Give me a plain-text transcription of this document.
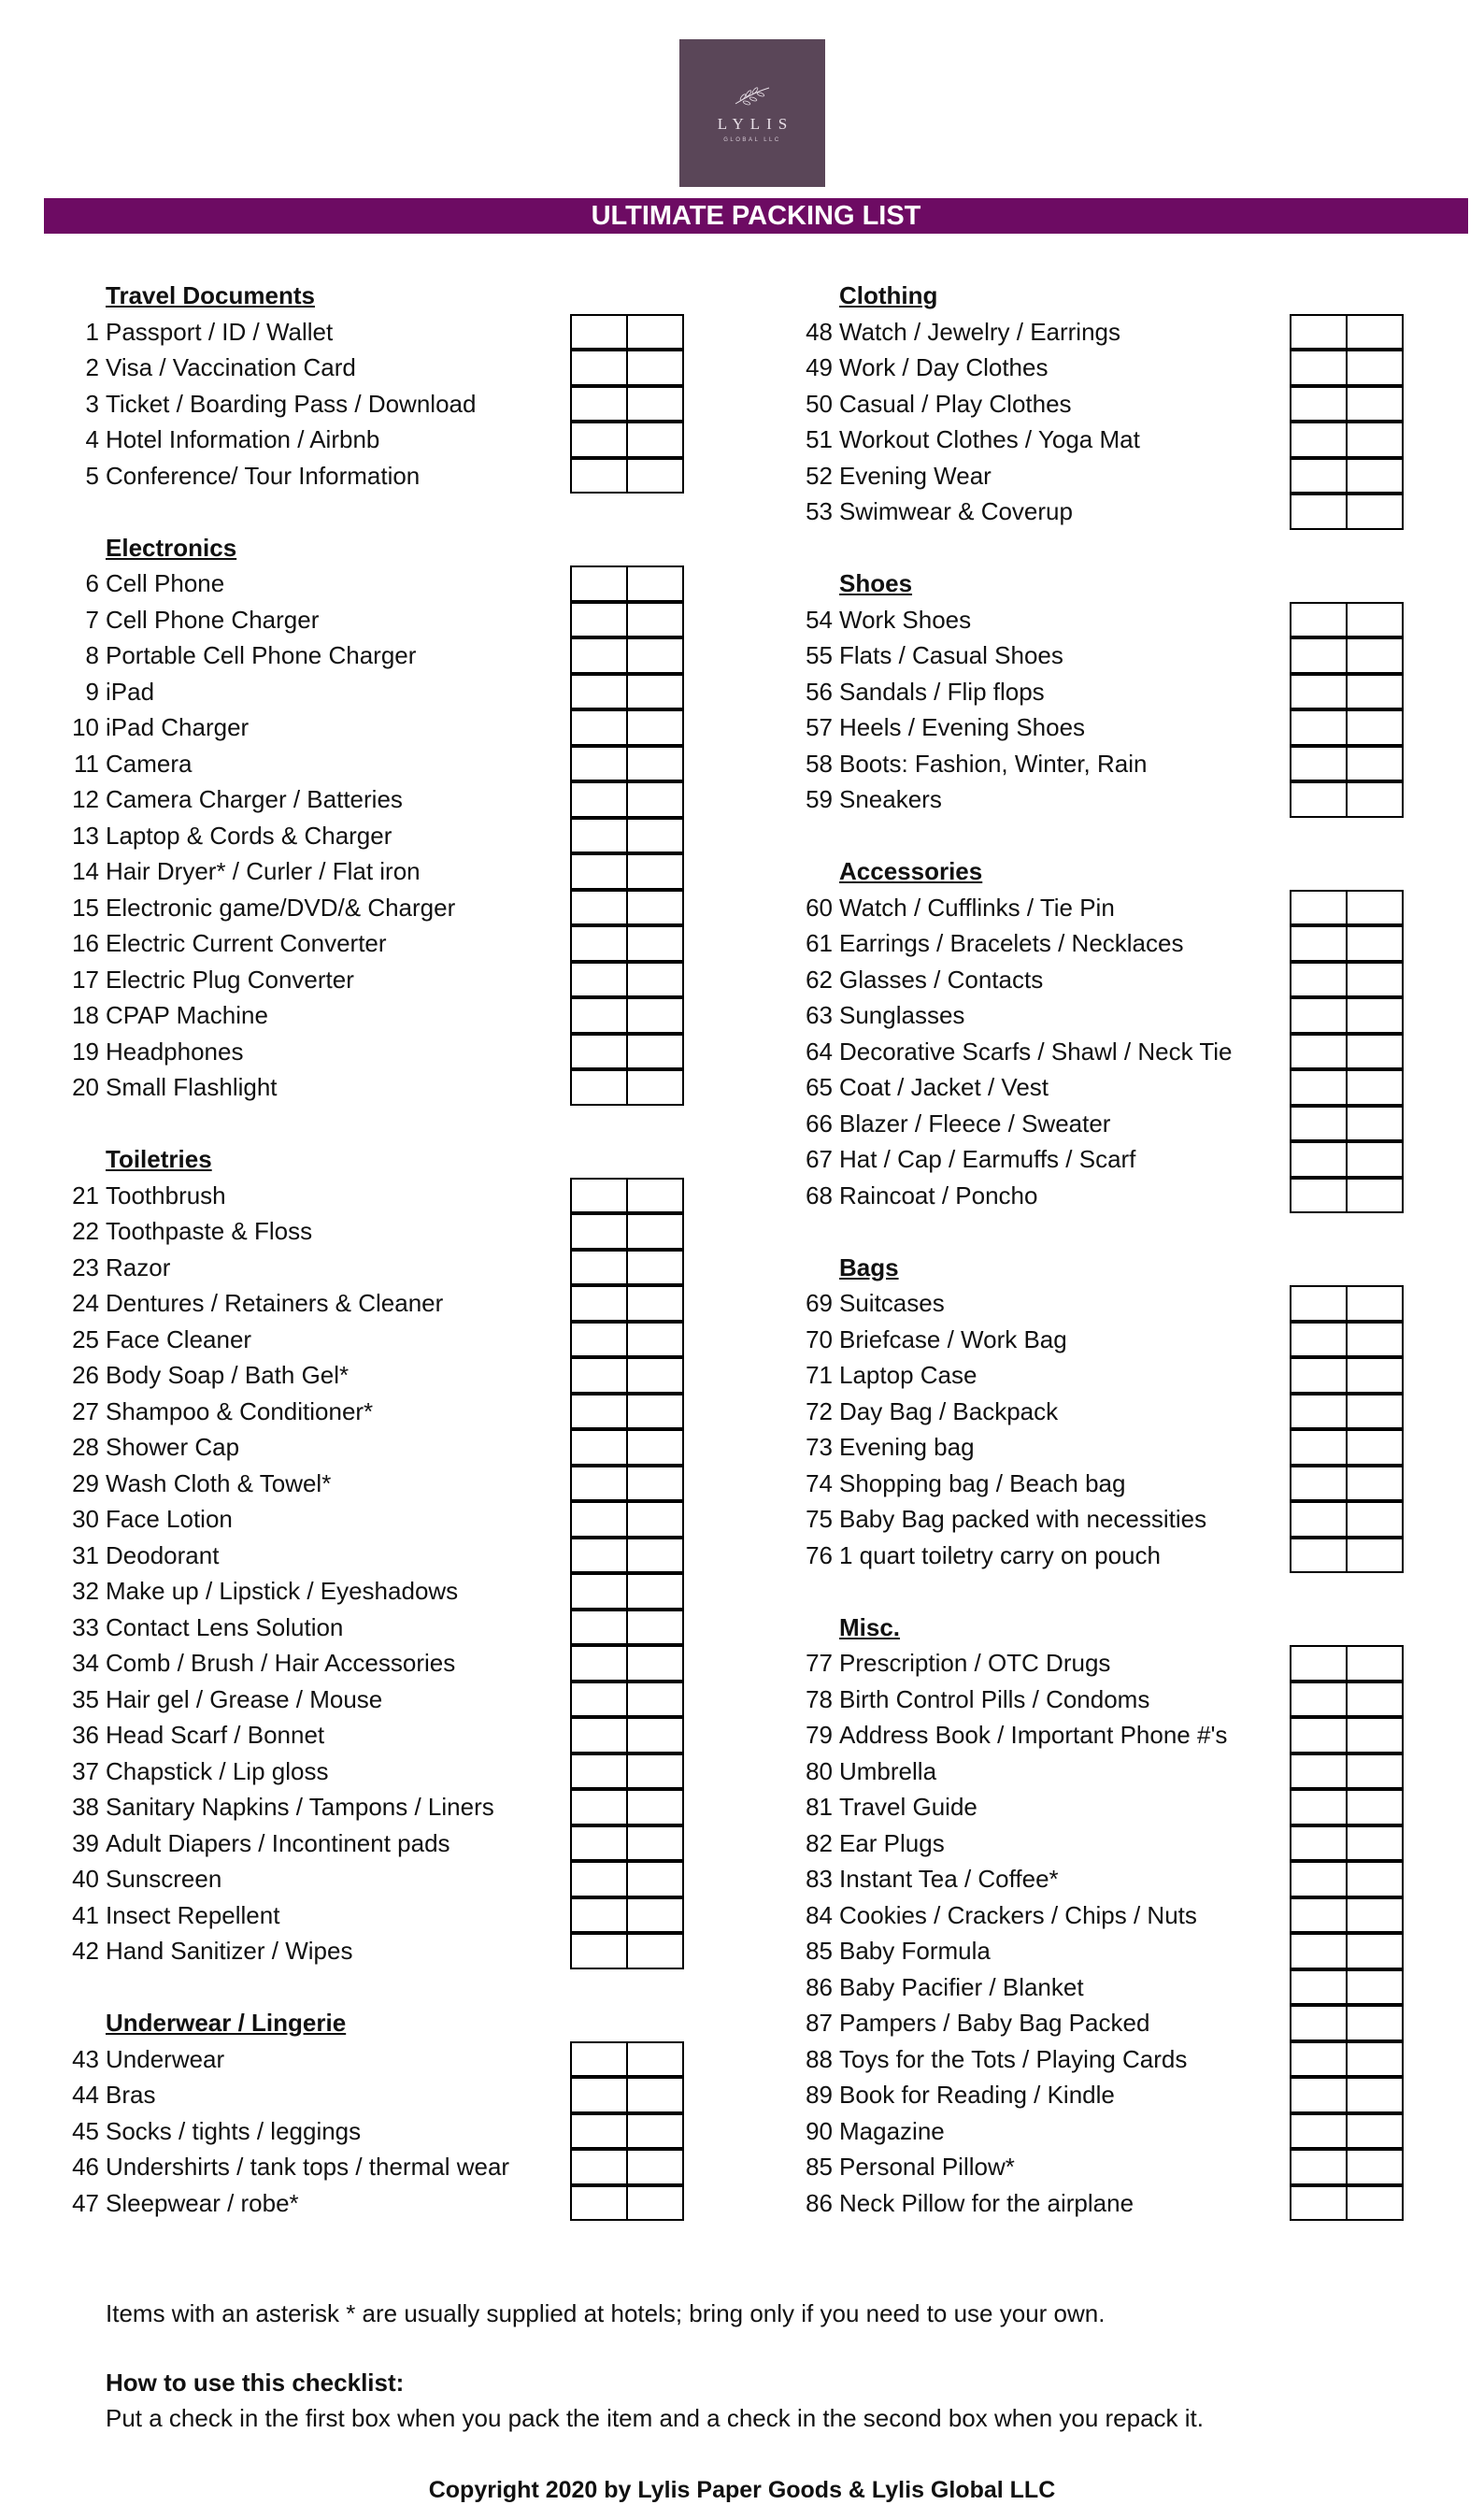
LYLIS
GLOBAL LLC
ULTIMATE PACKING LIST
Travel Documents
1 Passport / ID / Wallet
2 Visa / Vaccination Card
3 Ticket / Boarding Pass / Download
4 Hotel Information / Airbnb
5 Conference/ Tour Information
Electronics
6 Cell Phone
7 Cell Phone Charger
8 Portable Cell Phone Charger
9 iPad
10 iPad Charger
11 Camera
12 Camera Charger / Batteries
13 Laptop & Cords & Charger
14 Hair Dryer* / Curler / Flat iron
15 Electronic game/DVD/& Charger
16 Electric Current Converter
17 Electric Plug Converter
18 CPAP Machine
19 Headphones
20 Small Flashlight
Toiletries
21 Toothbrush
22 Toothpaste & Floss
23 Razor
24 Dentures / Retainers & Cleaner
25 Face Cleaner
26 Body Soap / Bath Gel*
27 Shampoo & Conditioner*
28 Shower Cap
29 Wash Cloth & Towel*
30 Face Lotion
31 Deodorant
32 Make up / Lipstick / Eyeshadows
33 Contact Lens Solution
34 Comb / Brush / Hair Accessories
35 Hair gel / Grease / Mouse
36 Head Scarf / Bonnet
37 Chapstick / Lip gloss
38 Sanitary Napkins / Tampons / Liners
39 Adult Diapers / Incontinent pads
40 Sunscreen
41 Insect Repellent
42 Hand Sanitizer / Wipes
Underwear / Lingerie
43 Underwear
44 Bras
45 Socks / tights / leggings
46 Undershirts / tank tops / thermal wear
47 Sleepwear / robe*
Clothing
48 Watch / Jewelry / Earrings
49 Work / Day Clothes
50 Casual / Play Clothes
51 Workout Clothes / Yoga Mat
52 Evening Wear
53 Swimwear & Coverup
Shoes
54 Work Shoes
55 Flats / Casual Shoes
56 Sandals / Flip flops
57 Heels / Evening Shoes
58 Boots: Fashion, Winter, Rain
59 Sneakers
Accessories
60 Watch / Cufflinks / Tie Pin
61 Earrings / Bracelets / Necklaces
62 Glasses / Contacts
63 Sunglasses
64 Decorative Scarfs / Shawl / Neck Tie
65 Coat / Jacket / Vest
66 Blazer / Fleece / Sweater
67 Hat / Cap / Earmuffs / Scarf
68 Raincoat / Poncho
Bags
69 Suitcases
70 Briefcase / Work Bag
71 Laptop Case
72 Day Bag / Backpack
73 Evening bag
74 Shopping bag / Beach bag
75 Baby Bag packed with necessities
76 1 quart toiletry carry on pouch
Misc.
77 Prescription / OTC Drugs
78 Birth Control Pills / Condoms
79 Address Book / Important Phone #'s
80 Umbrella
81 Travel Guide
82 Ear Plugs
83 Instant Tea / Coffee*
84 Cookies / Crackers / Chips / Nuts
85 Baby Formula
86 Baby Pacifier / Blanket
87 Pampers / Baby Bag Packed
88 Toys for the Tots / Playing Cards
89 Book for Reading / Kindle
90 Magazine
85 Personal Pillow*
86 Neck Pillow for the airplane
Items with an asterisk * are usually supplied at hotels; bring only if you need to use your own.
How to use this checklist:
Put a check in the first box when you pack the item and a check in the second box when you repack it.
Copyright 2020 by Lylis Paper Goods & Lylis Global LLC
